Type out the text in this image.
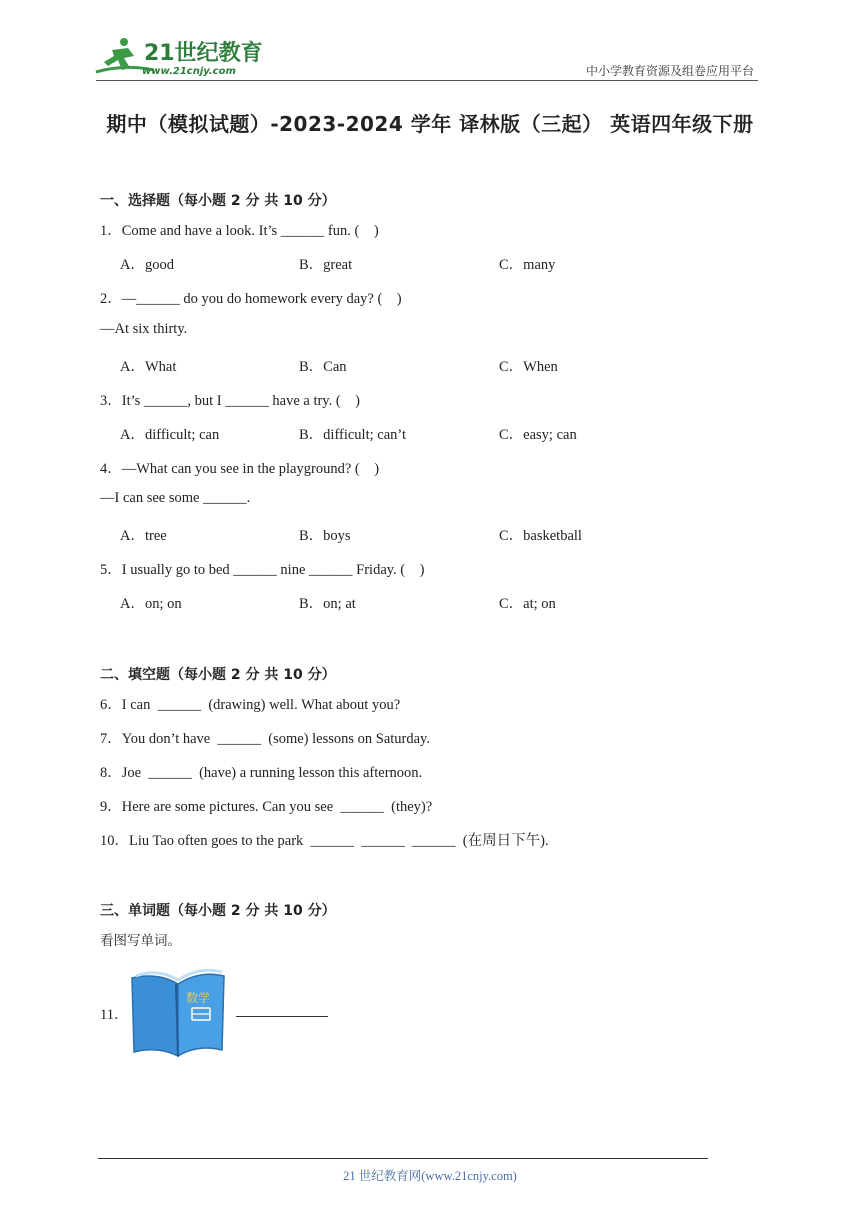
21世纪教育
www.21cnjy.com	中小学教育资源及组卷应用平台
期中（模拟试题）-2023-2024 学年 译林版（三起） 英语四年级下册
一、选择题（每小题 2 分 共 10 分）
1．Come and have a look. It’s ______ fun. (    )
A．good	B．great	C．many
2．—______ do you do homework every day? (    )
—At six thirty.
A．What	B．Can	C．When
3．It’s ______, but I ______ have a try. (    )
A．difficult; can	B．difficult; can’t	C．easy; can
4．—What can you see in the playground? (    )
—I can see some ______.
A．tree	B．boys	C．basketball
5．I usually go to bed ______ nine ______ Friday. (    )
A．on; on	B．on; at	C．at; on
二、填空题（每小题 2 分 共 10 分）
6．I can  ______  (drawing) well. What about you?
7．You don’t have  ______  (some) lessons on Saturday.
8．Joe  ______  (have) a running lesson this afternoon.
9．Here are some pictures. Can you see  ______  (they)?
10．Liu Tao often goes to the park  ______  ______  ______  (在周日下午).
三、单词题（每小题 2 分 共 10 分）
看图写单词。
11．
数学
21 世纪教育网(www.21cnjy.com)
